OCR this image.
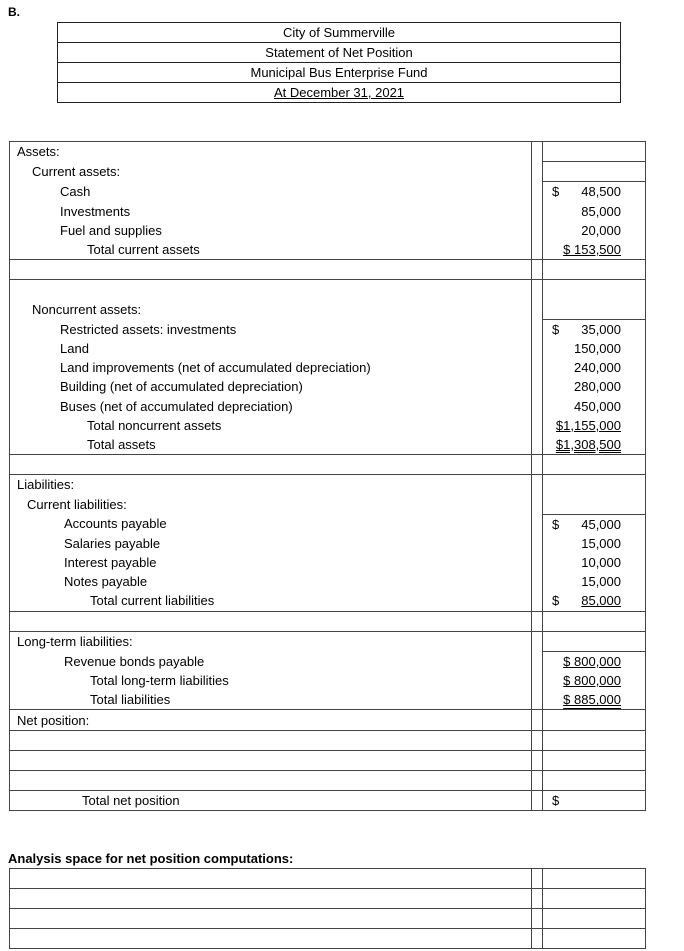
B.
City of Summerville
Statement of Net Position
Municipal Bus Enterprise Fund
At December 31, 2021
Assets:		
Current assets:		
Cash		$ 48,500
Investments		85,000
Fuel and supplies		20,000
Total current assets		$ 153,500

Noncurrent assets:		
Restricted assets: investments		$ 35,000
Land		150,000
Land improvements (net of accumulated depreciation)		240,000
Building (net of accumulated depreciation)		280,000
Buses (net of accumulated depreciation)		450,000
Total noncurrent assets		$1,155,000

Total assets		$1,308,500

Liabilities:		
Current liabilities:		
Accounts payable		$ 45,000
Salaries payable		15,000
Interest payable		10,000
Notes payable		15,000
Total current liabilities		$ 85,000

Long-term liabilities:		
Revenue bonds payable		$ 800,000

Total long-term liabilities		$ 800,000

Total liabilities		$ 885,000

Net position:		

Total net position		$
Analysis space for net position computations:
